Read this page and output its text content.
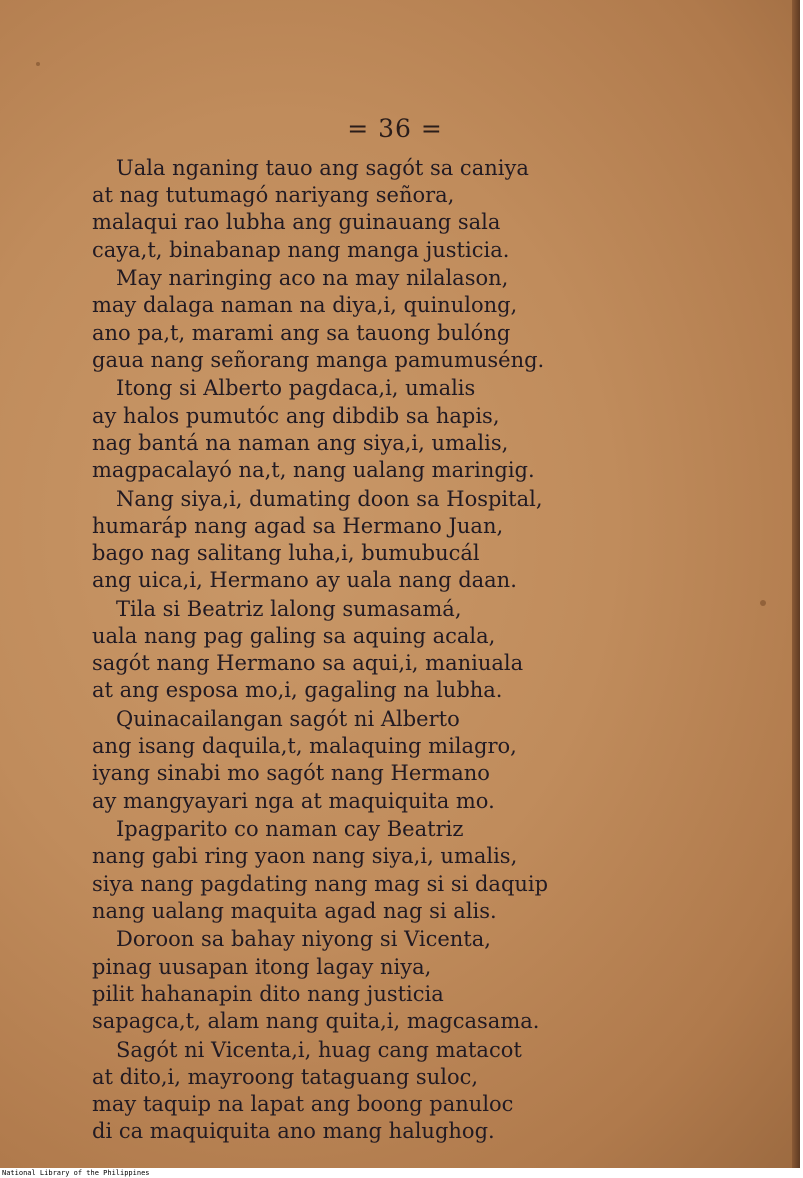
= 36 =
Uala nganing tauo ang sagót sa caniya
at nag tutumagó nariyang señora,
malaqui rao lubha ang guinauang sala
caya,t, binabanap nang manga justicia.
May naringing aco na may nilalason,
may dalaga naman na diya,i, quinulong,
ano pa,t, marami ang sa tauong bulóng
gaua nang señorang manga pamumuséng.
Itong si Alberto pagdaca,i, umalis
ay halos pumutóc ang dibdib sa hapis,
nag bantá na naman ang siya,i, umalis,
magpacalayó na,t, nang ualang maringig.
Nang siya,i, dumating doon sa Hospital,
humaráp nang agad sa Hermano Juan,
bago nag salitang luha,i, bumubucál
ang uica,i, Hermano ay uala nang daan.
Tila si Beatriz lalong sumasamá,
uala nang pag galing sa aquing acala,
sagót nang Hermano sa aqui,i, maniuala
at ang esposa mo,i, gagaling na lubha.
Quinacailangan sagót ni Alberto
ang isang daquila,t, malaquing milagro,
iyang sinabi mo sagót nang Hermano
ay mangyayari nga at maquiquita mo.
Ipagparito co naman cay Beatriz
nang gabi ring yaon nang siya,i, umalis,
siya nang pagdating nang mag si si daquip
nang ualang maquita agad nag si alis.
Doroon sa bahay niyong si Vicenta,
pinag uusapan itong lagay niya,
pilit hahanapin dito nang justicia
sapagca,t, alam nang quita,i, magcasama.
Sagót ni Vicenta,i, huag cang matacot
at dito,i, mayroong tataguang suloc,
may taquip na lapat ang boong panuloc
di ca maquiquita ano mang halughog.
National Library of the Philippines
